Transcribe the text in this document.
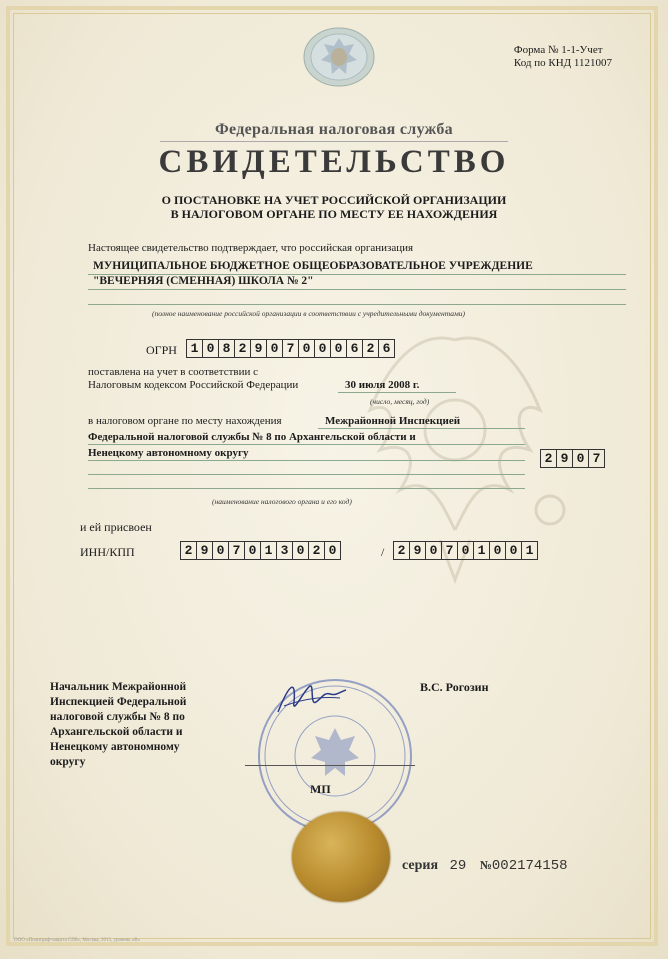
Форма № 1-1-Учет
Код по КНД 1121007
Федеральная налоговая служба
СВИДЕТЕЛЬСТВО
О ПОСТАНОВКЕ НА УЧЕТ РОССИЙСКОЙ ОРГАНИЗАЦИИ
В НАЛОГОВОМ ОРГАНЕ ПО МЕСТУ ЕЕ НАХОЖДЕНИЯ
Настоящее свидетельство подтверждает, что российская организация
МУНИЦИПАЛЬНОЕ БЮДЖЕТНОЕ ОБЩЕОБРАЗОВАТЕЛЬНОЕ УЧРЕЖДЕНИЕ
"ВЕЧЕРНЯЯ (СМЕННАЯ) ШКОЛА № 2"
(полное наименование российской организации в соответствии с учредительными документами)
ОГРН 1 0 8 2 9 0 7 0 0 0 6 2 6
поставлена на учет в соответствии с
Налоговым кодексом Российской Федерации	30 июля 2008 г.
(число, месяц, год)
в налоговом органе по месту нахождения	Межрайонной Инспекцией
Федеральной налоговой службы № 8 по Архангельской области и
Ненецкому автономному округу	2 9 0 7
(наименование налогового органа и его код)
и ей присвоен
ИНН/КПП	2 9 0 7 0 1 3 0 2 0	/ 2 9 0 7 0 1 0 0 1
Начальник Межрайонной
Инспекцией Федеральной
налоговой службы № 8 по
Архангельской области и
Ненецкому автономному
округу
В.С. Рогозин
МП
серия 29 №002174158
ООО «Полиграф-защита СПб», Москва, 2013, уровень «В»
